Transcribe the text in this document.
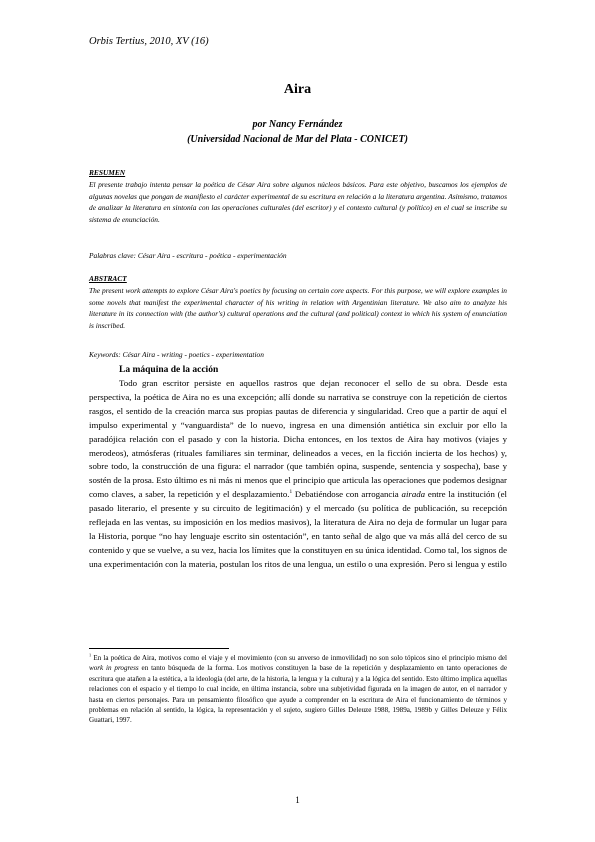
Orbis Tertius, 2010, XV (16)
Aira
por Nancy Fernández
(Universidad Nacional de Mar del Plata - CONICET)
RESUMEN

El presente trabajo intenta pensar la poética de César Aira sobre algunos núcleos básicos. Para este objetivo, buscamos los ejemplos de algunas novelas que pongan de manifiesto el carácter experimental de su escritura en relación a la literatura argentina. Asimismo, tratamos de analizar la literatura en sintonía con las operaciones culturales (del escritor) y el contexto cultural (y político) en el cual se inscribe su sistema de enunciación.

Palabras clave: César Aira - escritura - poética - experimentación
ABSTRACT

The present work attempts to explore César Aira's poetics by focusing on certain core aspects. For this purpose, we will explore examples in some novels that manifest the experimental character of his writing in relation with Argentinian literature. We also aim to analyze his literature in its connection with (the author's) cultural operations and the cultural (and political) context in which his system of enunciation is inscribed.

Keywords: César Aira - writing - poetics - experimentation
La máquina de la acción

Todo gran escritor persiste en aquellos rastros que dejan reconocer el sello de su obra. Desde esta perspectiva, la poética de Aira no es una excepción; allí donde su narrativa se construye con la repetición de ciertos rasgos, el sentido de la creación marca sus propias pautas de diferencia y singularidad. Creo que a partir de aquí el impulso experimental y “vanguardista” de lo nuevo, ingresa en una dimensión antiética sin excluir por ello la paradójica relación con el pasado y con la historia. Dicha entonces, en los textos de Aira hay motivos (viajes y merodeos), atmósferas (rituales familiares sin terminar, delineados a veces, en la ficción incierta de los hechos) y, sobre todo, la construcción de una figura: el narrador (que también opina, suspende, sentencia y sospecha), base y sostén de la prosa. Esto último es ni más ni menos que el principio que articula las operaciones que podemos designar como claves, a saber, la repetición y el desplazamiento.$^1$ Debatiéndose con arrogancia airada entre la institución (el pasado literario, el presente y su circuito de legitimación) y el mercado (su política de publicación, su recepción reflejada en las ventas, su imposición en los medios masivos), la literatura de Aira no deja de formular un lugar para la Historia, porque “no hay lenguaje escrito sin ostentación”, en tanto señal de algo que va más allá del cerco de su contenido y que se vuelve, a su vez, hacia los límites que la constituyen en su única identidad. Como tal, los signos de una experimentación con la materia, postulan los ritos de una lengua, un estilo o una expresión. Pero si lengua y estilo

$^1$ En la poética de Aira, motivos como el viaje y el movimiento (con su anverso de inmovilidad) no son solo tópicos sino el principio mismo del work in progress en tanto búsqueda de la forma. Los motivos constituyen la base de la repetición y desplazamiento en tanto operaciones de escritura que atañen a la estética, a la ideología (del arte, de la historia, la lengua y la cultura) y a la lógica del sentido. Esto último implica aquellas relaciones con el espacio y el tiempo lo cual incide, en última instancia, sobre una subjetividad figurada en la imagen de autor, en el narrador y hasta en ciertos personajes. Para un pensamiento filosófico que ayude a comprender en la escritura de Aira el funcionamiento de términos y problemas en relación al sentido, la lógica, la representación y el sujeto, sugiero Gilles Deleuze 1988, 1989a, 1989b y Gilles Deleuze y Félix Guattari, 1997.
1
